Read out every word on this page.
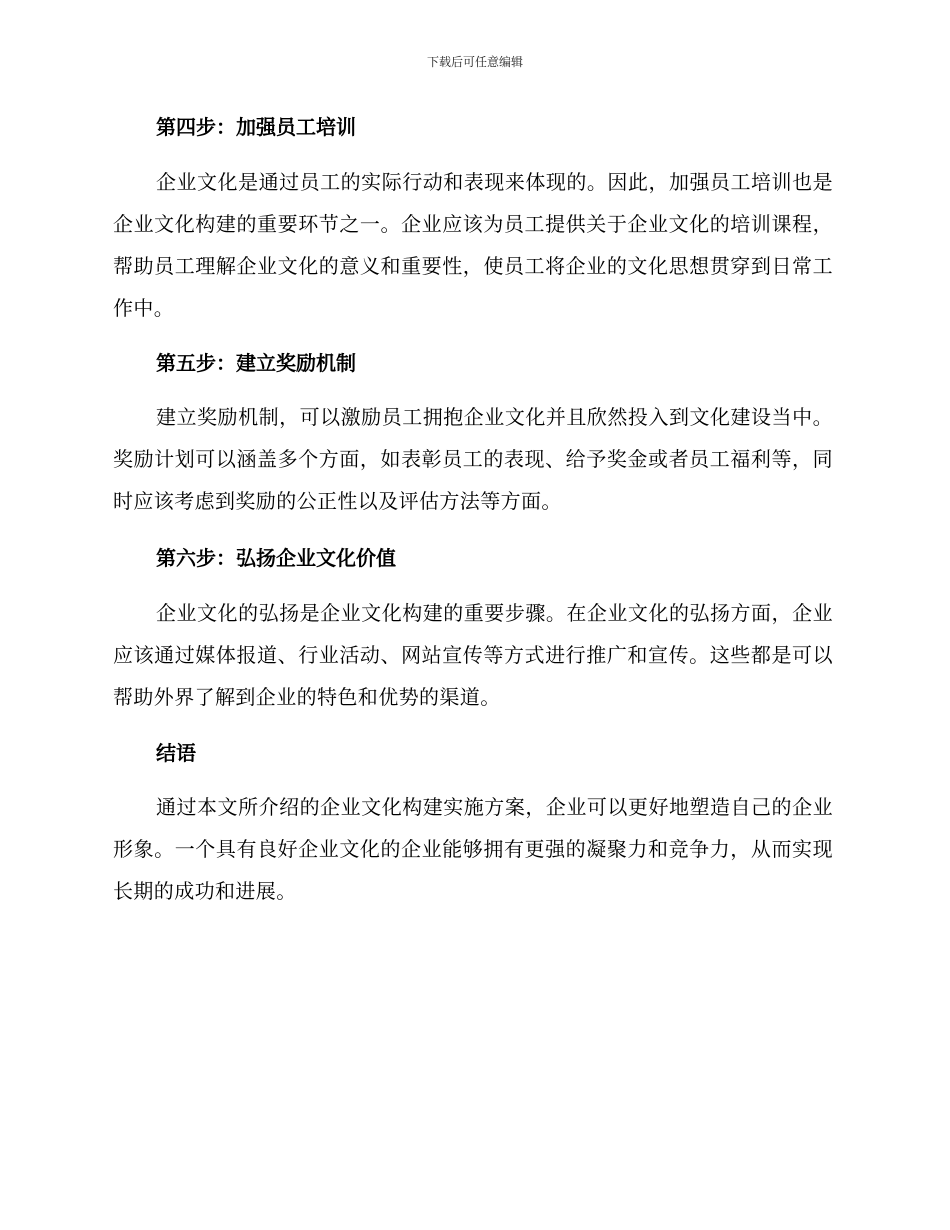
下载后可任意编辑
第四步：加强员工培训
企业文化是通过员工的实际行动和表现来体现的。因此，加强员工培训也是企业文化构建的重要环节之一。企业应该为员工提供关于企业文化的培训课程，帮助员工理解企业文化的意义和重要性，使员工将企业的文化思想贯穿到日常工作中。
第五步：建立奖励机制
建立奖励机制，可以激励员工拥抱企业文化并且欣然投入到文化建设当中。奖励计划可以涵盖多个方面，如表彰员工的表现、给予奖金或者员工福利等，同时应该考虑到奖励的公正性以及评估方法等方面。
第六步：弘扬企业文化价值
企业文化的弘扬是企业文化构建的重要步骤。在企业文化的弘扬方面，企业应该通过媒体报道、行业活动、网站宣传等方式进行推广和宣传。这些都是可以帮助外界了解到企业的特色和优势的渠道。
结语
通过本文所介绍的企业文化构建实施方案，企业可以更好地塑造自己的企业形象。一个具有良好企业文化的企业能够拥有更强的凝聚力和竞争力，从而实现长期的成功和进展。
